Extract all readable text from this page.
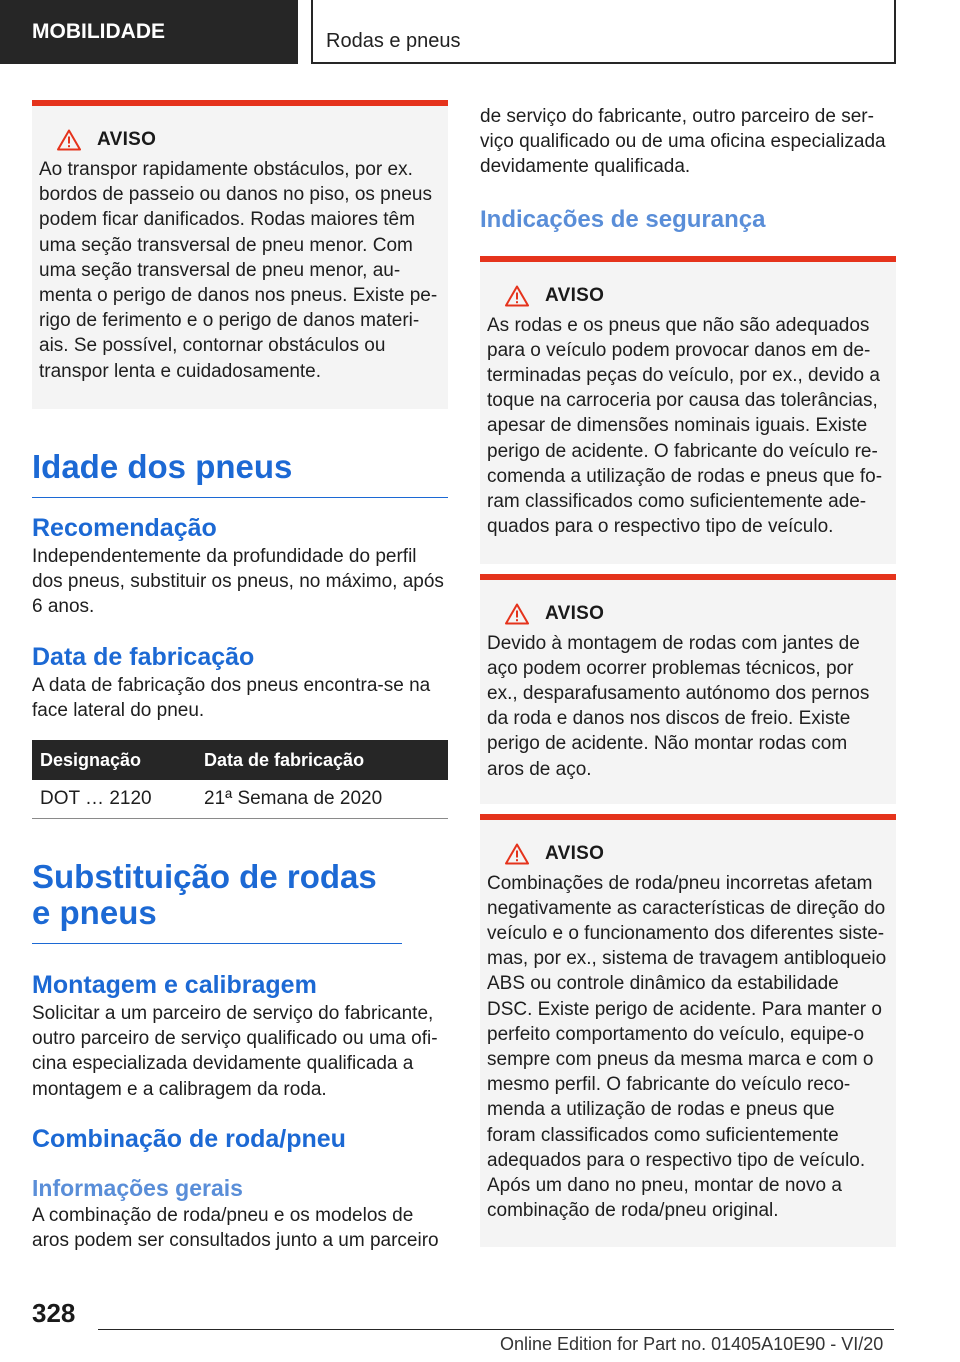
MOBILIDADE	Rodas e pneus
AVISO

Ao transpor rapidamente obstáculos, por ex. bordos de passeio ou danos no piso, os pneus podem ficar danificados. Rodas maiores têm uma seção transversal de pneu menor. Com uma seção transversal de pneu menor, au-menta o perigo de danos nos pneus. Existe pe-rigo de ferimento e o perigo de danos materi-ais. Se possível, contornar obstáculos ou transpor lenta e cuidadosamente.

Idade dos pneus
Recomendação

Independentemente da profundidade do perfil dos pneus, substituir os pneus, no máximo, após 6 anos.

Data de fabricação

A data de fabricação dos pneus encontra-se na face lateral do pneu.

Designação	Data de fabricação
DOT … 2120	21ª Semana de 2020
Substituição de rodas e pneus
Montagem e calibragem

Solicitar a um parceiro de serviço do fabricante, outro parceiro de serviço qualificado ou uma ofi-cina especializada devidamente qualificada a montagem e a calibragem da roda.

Combinação de roda/pneu
Informações gerais

A combinação de roda/pneu e os modelos de aros podem ser consultados junto a um parceiro

de serviço do fabricante, outro parceiro de ser-viço qualificado ou de uma oficina especializada devidamente qualificada.

Indicações de segurança
AVISO

As rodas e os pneus que não são adequados para o veículo podem provocar danos em de-terminadas peças do veículo, por ex., devido a toque na carroceria por causa das tolerâncias, apesar de dimensões nominais iguais. Existe perigo de acidente. O fabricante do veículo re-comenda a utilização de rodas e pneus que fo-ram classificados como suficientemente ade-quados para o respectivo tipo de veículo.

AVISO

Devido à montagem de rodas com jantes de aço podem ocorrer problemas técnicos, por ex., desparafusamento autónomo dos pernos da roda e danos nos discos de freio. Existe perigo de acidente. Não montar rodas com aros de aço.

AVISO

Combinações de roda/pneu incorretas afetam negativamente as características de direção do veículo e o funcionamento dos diferentes siste-mas, por ex., sistema de travagem antibloqueio ABS ou controle dinâmico da estabilidade DSC. Existe perigo de acidente. Para manter o perfeito comportamento do veículo, equipe-o sempre com pneus da mesma marca e com o mesmo perfil. O fabricante do veículo reco-menda a utilização de rodas e pneus que foram classificados como suficientemente adequados para o respectivo tipo de veículo. Após um dano no pneu, montar de novo a combinação de roda/pneu original.

328
Online Edition for Part no. 01405A10E90 - VI/20
